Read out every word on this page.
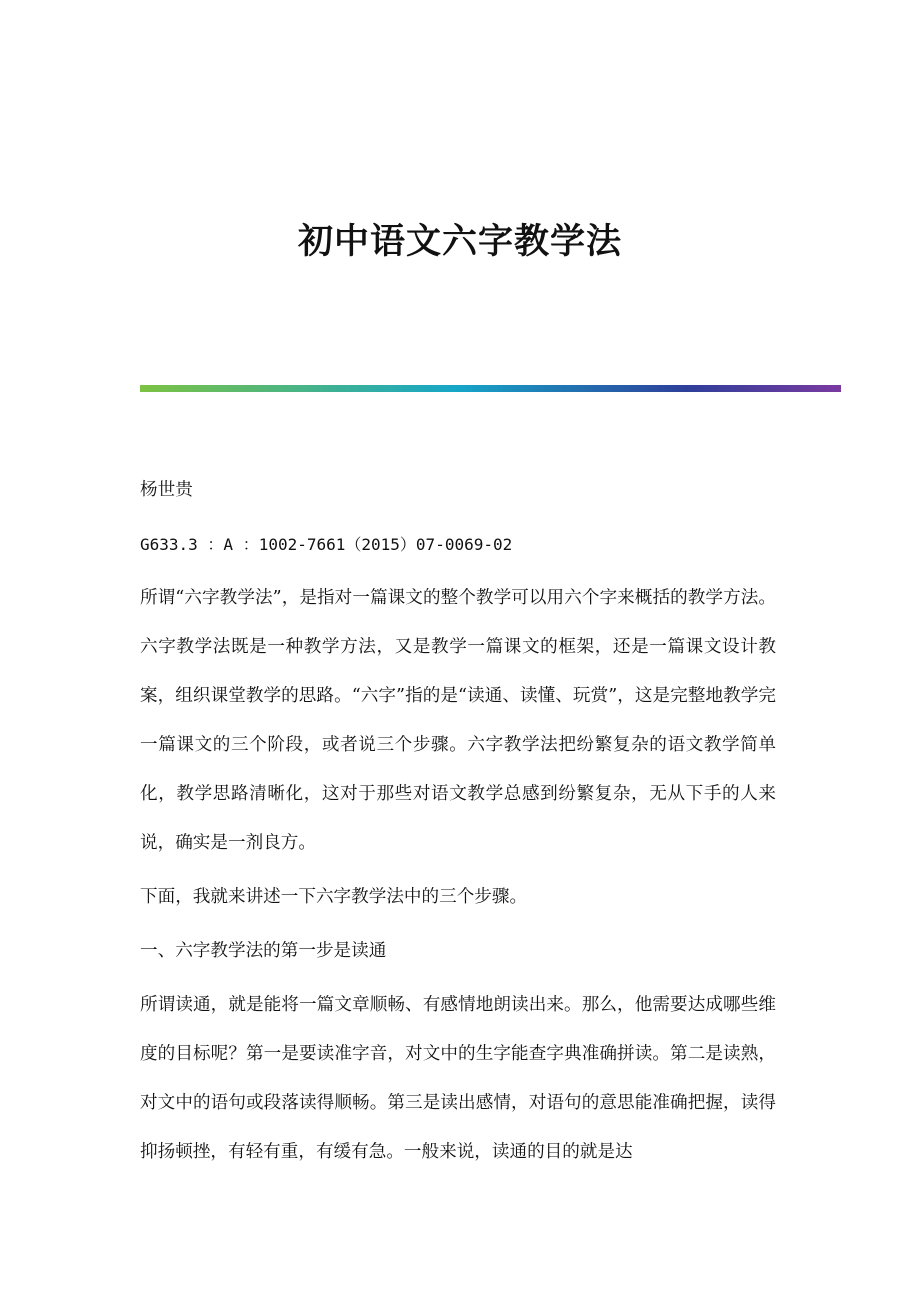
初中语文六字教学法

杨世贵

G633.3 ：A ：1002-7661（2015）07-0069-02

所谓“六字教学法”，是指对一篇课文的整个教学可以用六个字来概括的教学方法。六字教学法既是一种教学方法，又是教学一篇课文的框架，还是一篇课文设计教案，组织课堂教学的思路。“六字”指的是“读通、读懂、玩赏”，这是完整地教学完一篇课文的三个阶段，或者说三个步骤。六字教学法把纷繁复杂的语文教学简单化，教学思路清晰化，这对于那些对语文教学总感到纷繁复杂，无从下手的人来说，确实是一剂良方。

下面，我就来讲述一下六字教学法中的三个步骤。

一、六字教学法的第一步是读通

所谓读通，就是能将一篇文章顺畅、有感情地朗读出来。那么，他需要达成哪些维度的目标呢？第一是要读准字音，对文中的生字能查字典准确拼读。第二是读熟，对文中的语句或段落读得顺畅。第三是读出感情，对语句的意思能准确把握，读得抑扬顿挫，有轻有重，有缓有急。一般来说，读通的目的就是达
